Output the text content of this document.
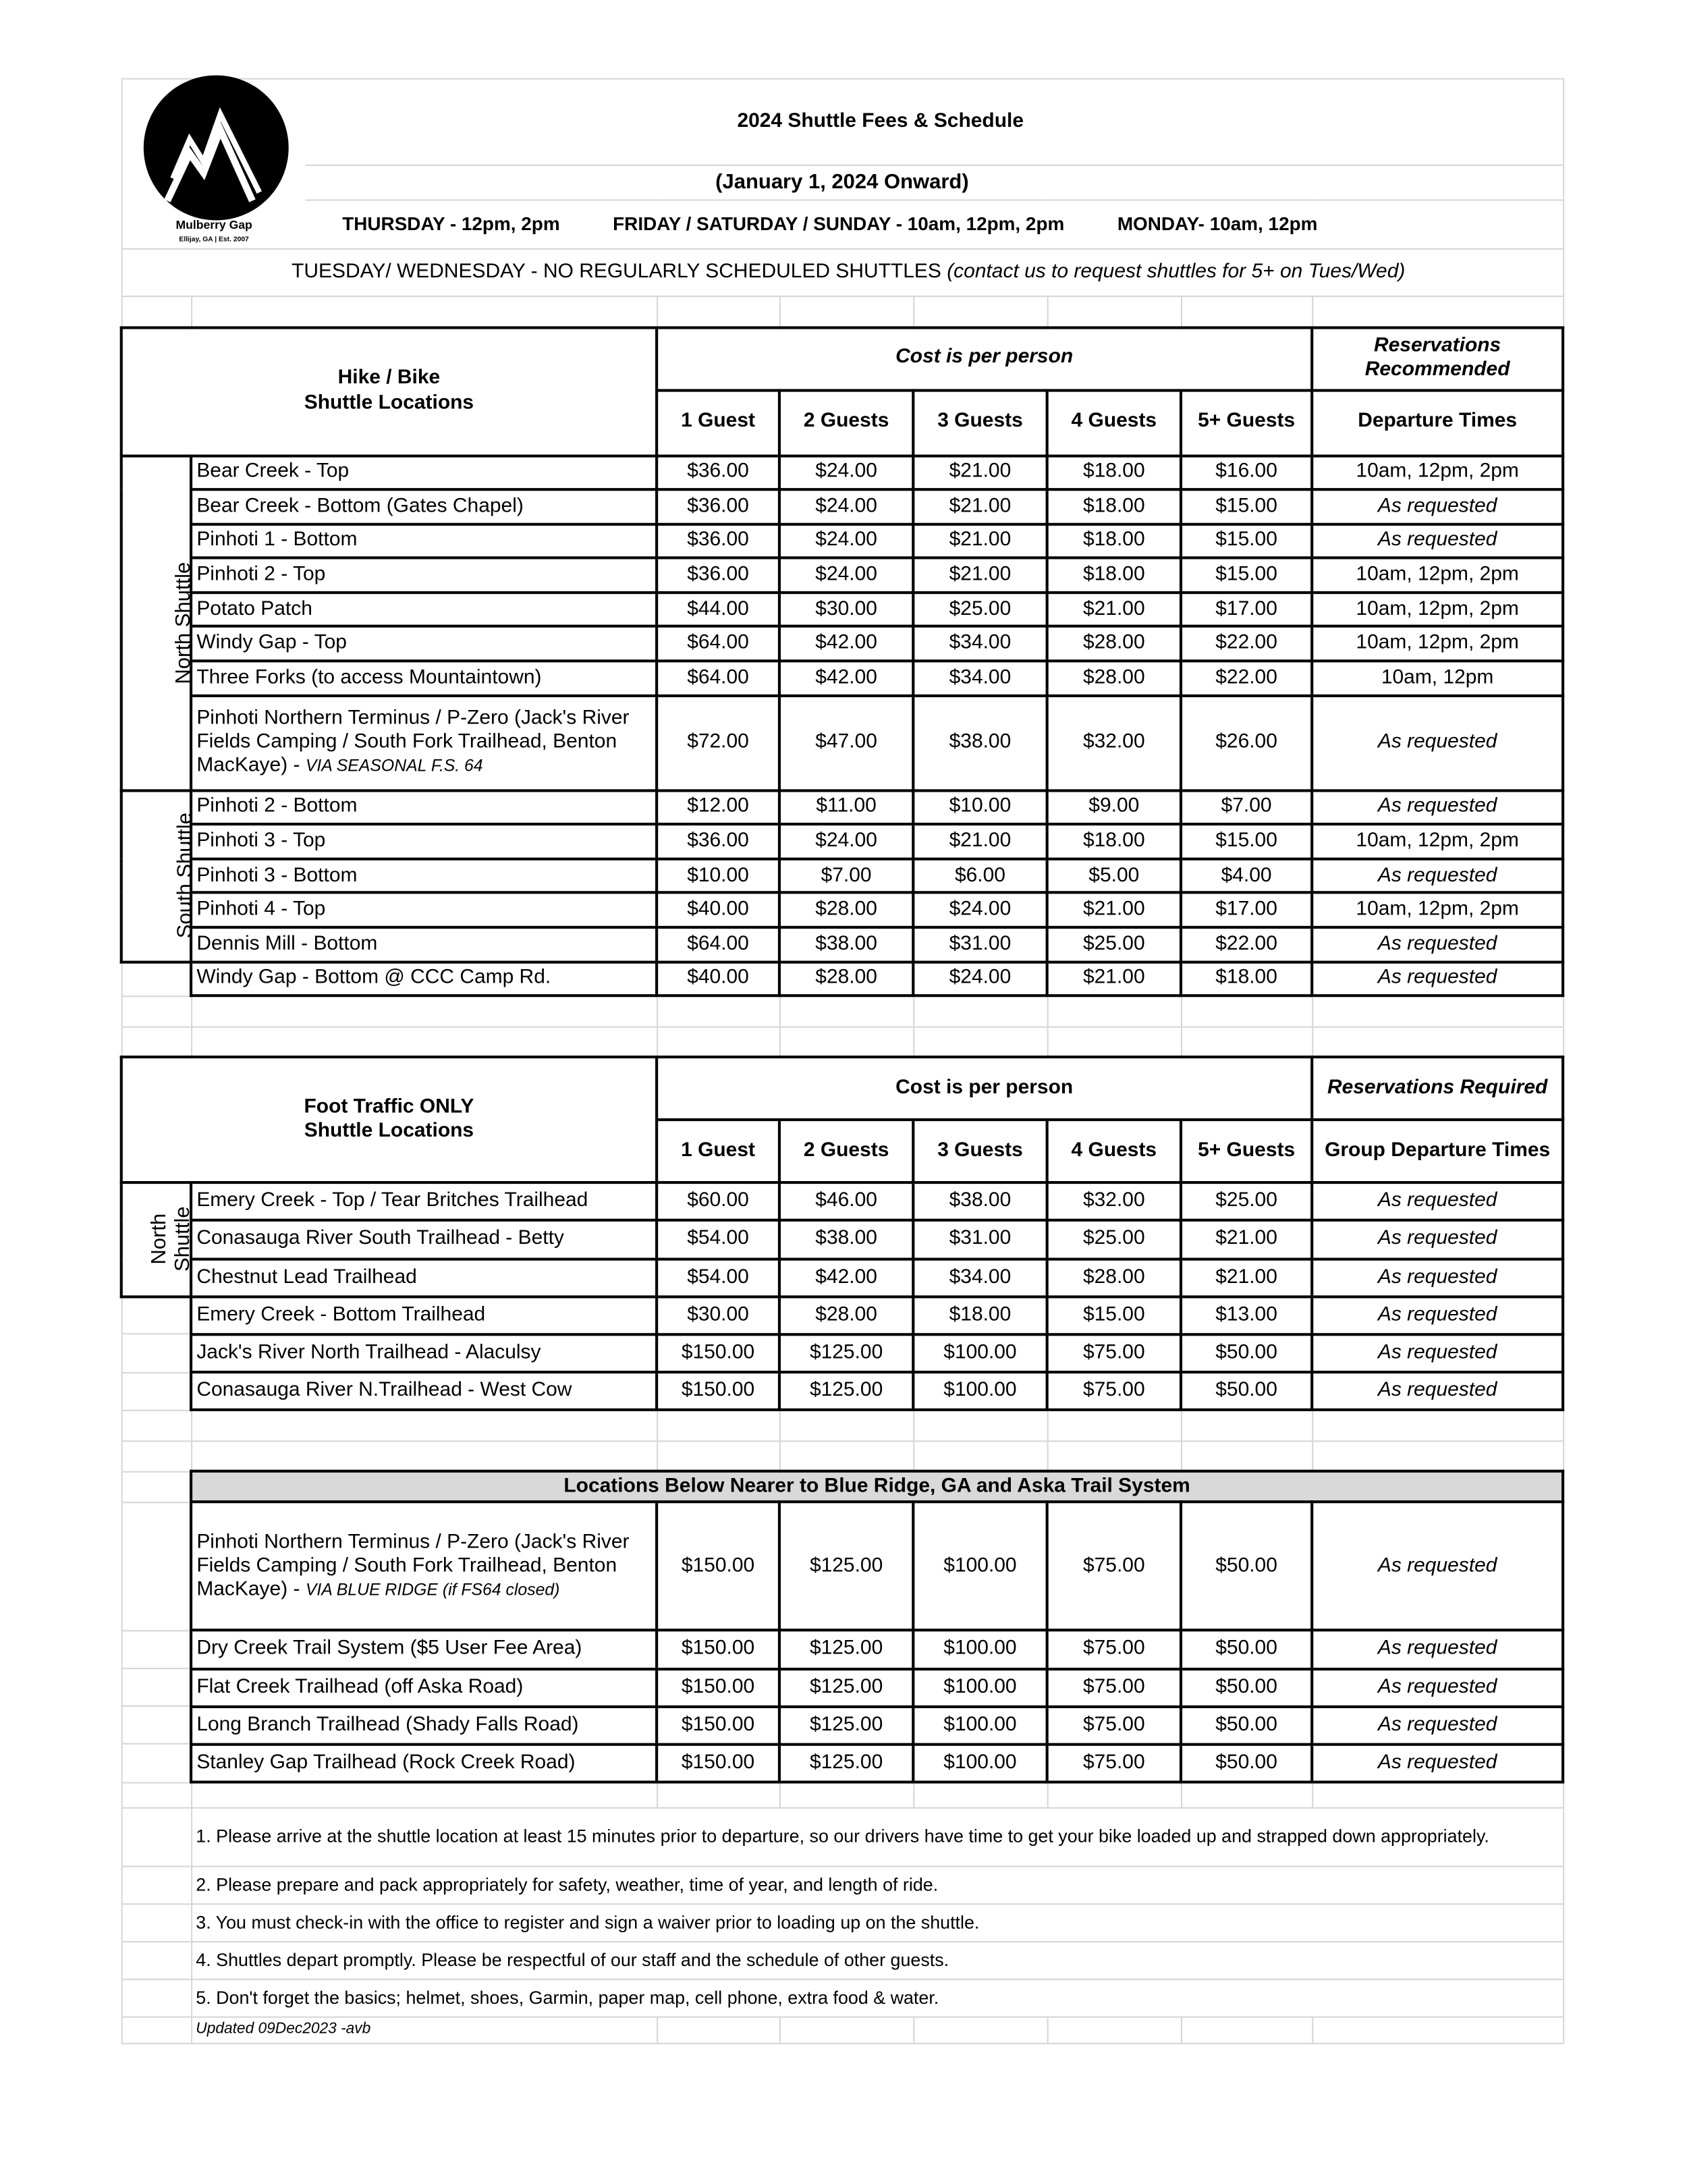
2024 Shuttle Fees & Schedule							
(January 1, 2024 Onward)							

THURSDAY - 12pm, 2pm FRIDAY / SATURDAY / SUNDAY - 10am, 12pm, 2pm MONDAY- 10am, 12pm							

TUESDAY/ WEDNESDAY - NO REGULARLY SCHEDULED SHUTTLES (contact us to request shuttles for 5+ on Tues/Wed)							

Hike / Bike
Shuttle Locations		Cost is per person					Reservations Recommended
		1 Guest	2 Guests	3 Guests	4 Guests	5+ Guests	Departure Times
North Shuttle	Bear Creek - Top	$36.00	$24.00	$21.00	$18.00	$16.00	10am, 12pm, 2pm
	Bear Creek - Bottom (Gates Chapel)	$36.00	$24.00	$21.00	$18.00	$15.00	As requested
	Pinhoti 1 - Bottom	$36.00	$24.00	$21.00	$18.00	$15.00	As requested
	Pinhoti 2 - Top	$36.00	$24.00	$21.00	$18.00	$15.00	10am, 12pm, 2pm
	Potato Patch	$44.00	$30.00	$25.00	$21.00	$17.00	10am, 12pm, 2pm
	Windy Gap - Top	$64.00	$42.00	$34.00	$28.00	$22.00	10am, 12pm, 2pm
	Three Forks (to access Mountaintown)	$64.00	$42.00	$34.00	$28.00	$22.00	10am, 12pm
	Pinhoti Northern Terminus / P-Zero (Jack's River Fields Camping / South Fork Trailhead, Benton MacKaye) - VIA SEASONAL F.S. 64	$72.00	$47.00	$38.00	$32.00	$26.00	As requested
South Shuttle	Pinhoti 2 - Bottom	$12.00	$11.00	$10.00	$9.00	$7.00	As requested
	Pinhoti 3 - Top	$36.00	$24.00	$21.00	$18.00	$15.00	10am, 12pm, 2pm
	Pinhoti 3 - Bottom	$10.00	$7.00	$6.00	$5.00	$4.00	As requested
	Pinhoti 4 - Top	$40.00	$28.00	$24.00	$21.00	$17.00	10am, 12pm, 2pm
	Dennis Mill - Bottom	$64.00	$38.00	$31.00	$25.00	$22.00	As requested
	Windy Gap - Bottom @ CCC Camp Rd.	$40.00	$28.00	$24.00	$21.00	$18.00	As requested

Foot Traffic ONLY
Shuttle Locations		Cost is per person					Reservations Required
		1 Guest	2 Guests	3 Guests	4 Guests	5+ Guests	Group Departure Times
North Shuttle	Emery Creek - Top / Tear Britches Trailhead	$60.00	$46.00	$38.00	$32.00	$25.00	As requested
	Conasauga River South Trailhead - Betty	$54.00	$38.00	$31.00	$25.00	$21.00	As requested
	Chestnut Lead Trailhead	$54.00	$42.00	$34.00	$28.00	$21.00	As requested
	Emery Creek - Bottom Trailhead	$30.00	$28.00	$18.00	$15.00	$13.00	As requested
	Jack's River North Trailhead - Alaculsy	$150.00	$125.00	$100.00	$75.00	$50.00	As requested
	Conasauga River N.Trailhead - West Cow	$150.00	$125.00	$100.00	$75.00	$50.00	As requested

	Locations Below Nearer to Blue Ridge, GA and Aska Trail System						
	Pinhoti Northern Terminus / P-Zero (Jack's River Fields Camping / South Fork Trailhead, Benton MacKaye) - VIA BLUE RIDGE (if FS64 closed)	$150.00	$125.00	$100.00	$75.00	$50.00	As requested
	Dry Creek Trail System ($5 User Fee Area)	$150.00	$125.00	$100.00	$75.00	$50.00	As requested
	Flat Creek Trailhead (off Aska Road)	$150.00	$125.00	$100.00	$75.00	$50.00	As requested
	Long Branch Trailhead (Shady Falls Road)	$150.00	$125.00	$100.00	$75.00	$50.00	As requested
	Stanley Gap Trailhead (Rock Creek Road)	$150.00	$125.00	$100.00	$75.00	$50.00	As requested

	1. Please arrive at the shuttle location at least 15 minutes prior to departure, so our drivers have time to get your bike loaded up and strapped down appropriately.						
	2. Please prepare and pack appropriately for safety, weather, time of year, and length of ride.						
	3. You must check-in with the office to register and sign a waiver prior to loading up on the shuttle.						
	4. Shuttles depart promptly. Please be respectful of our staff and the schedule of other guests.						
	5. Don't forget the basics; helmet, shoes, Garmin, paper map, cell phone, extra food & water.						
	Updated 09Dec2023 -avb						
Mulberry Gap
Ellijay, GA | Est. 2007
